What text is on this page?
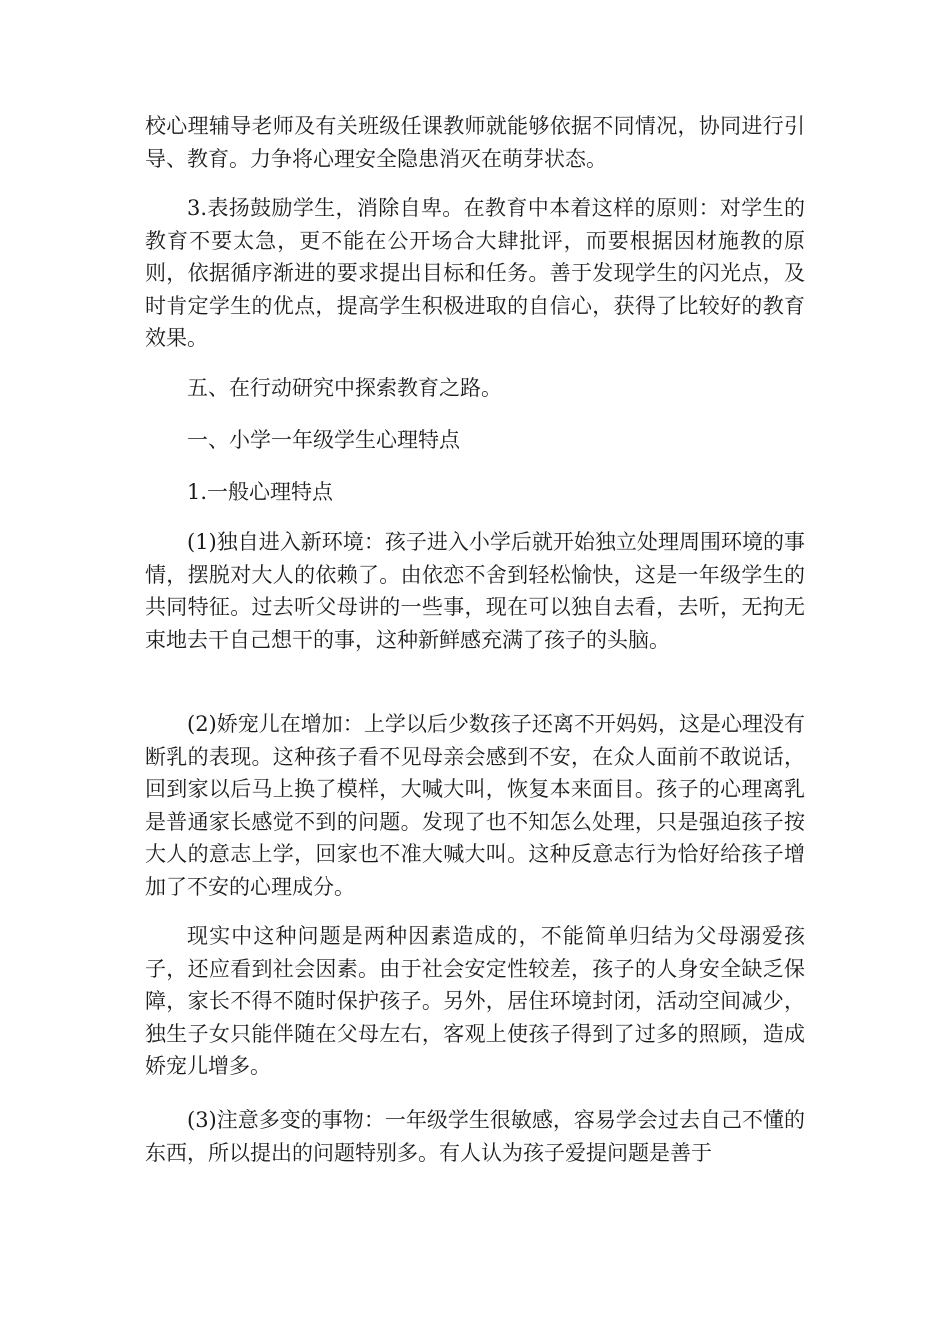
校心理辅导老师及有关班级任课教师就能够依据不同情况，协同进行引导、教育。力争将心理安全隐患消灭在萌芽状态。

3.表扬鼓励学生，消除自卑。在教育中本着这样的原则：对学生的教育不要太急，更不能在公开场合大肆批评，而要根据因材施教的原则，依据循序渐进的要求提出目标和任务。善于发现学生的闪光点，及时肯定学生的优点，提高学生积极进取的自信心，获得了比较好的教育效果。

五、在行动研究中探索教育之路。

一、小学一年级学生心理特点

1.一般心理特点

(1)独自进入新环境：孩子进入小学后就开始独立处理周围环境的事情，摆脱对大人的依赖了。由依恋不舍到轻松愉快，这是一年级学生的共同特征。过去听父母讲的一些事，现在可以独自去看，去听，无拘无束地去干自己想干的事，这种新鲜感充满了孩子的头脑。

(2)娇宠儿在增加：上学以后少数孩子还离不开妈妈，这是心理没有断乳的表现。这种孩子看不见母亲会感到不安，在众人面前不敢说话，回到家以后马上换了模样，大喊大叫，恢复本来面目。孩子的心理离乳是普通家长感觉不到的问题。发现了也不知怎么处理，只是强迫孩子按大人的意志上学，回家也不准大喊大叫。这种反意志行为恰好给孩子增加了不安的心理成分。

现实中这种问题是两种因素造成的，不能简单归结为父母溺爱孩子，还应看到社会因素。由于社会安定性较差，孩子的人身安全缺乏保障，家长不得不随时保护孩子。另外，居住环境封闭，活动空间减少，独生子女只能伴随在父母左右，客观上使孩子得到了过多的照顾，造成娇宠儿增多。

(3)注意多变的事物：一年级学生很敏感，容易学会过去自己不懂的东西，所以提出的问题特别多。有人认为孩子爱提问题是善于
